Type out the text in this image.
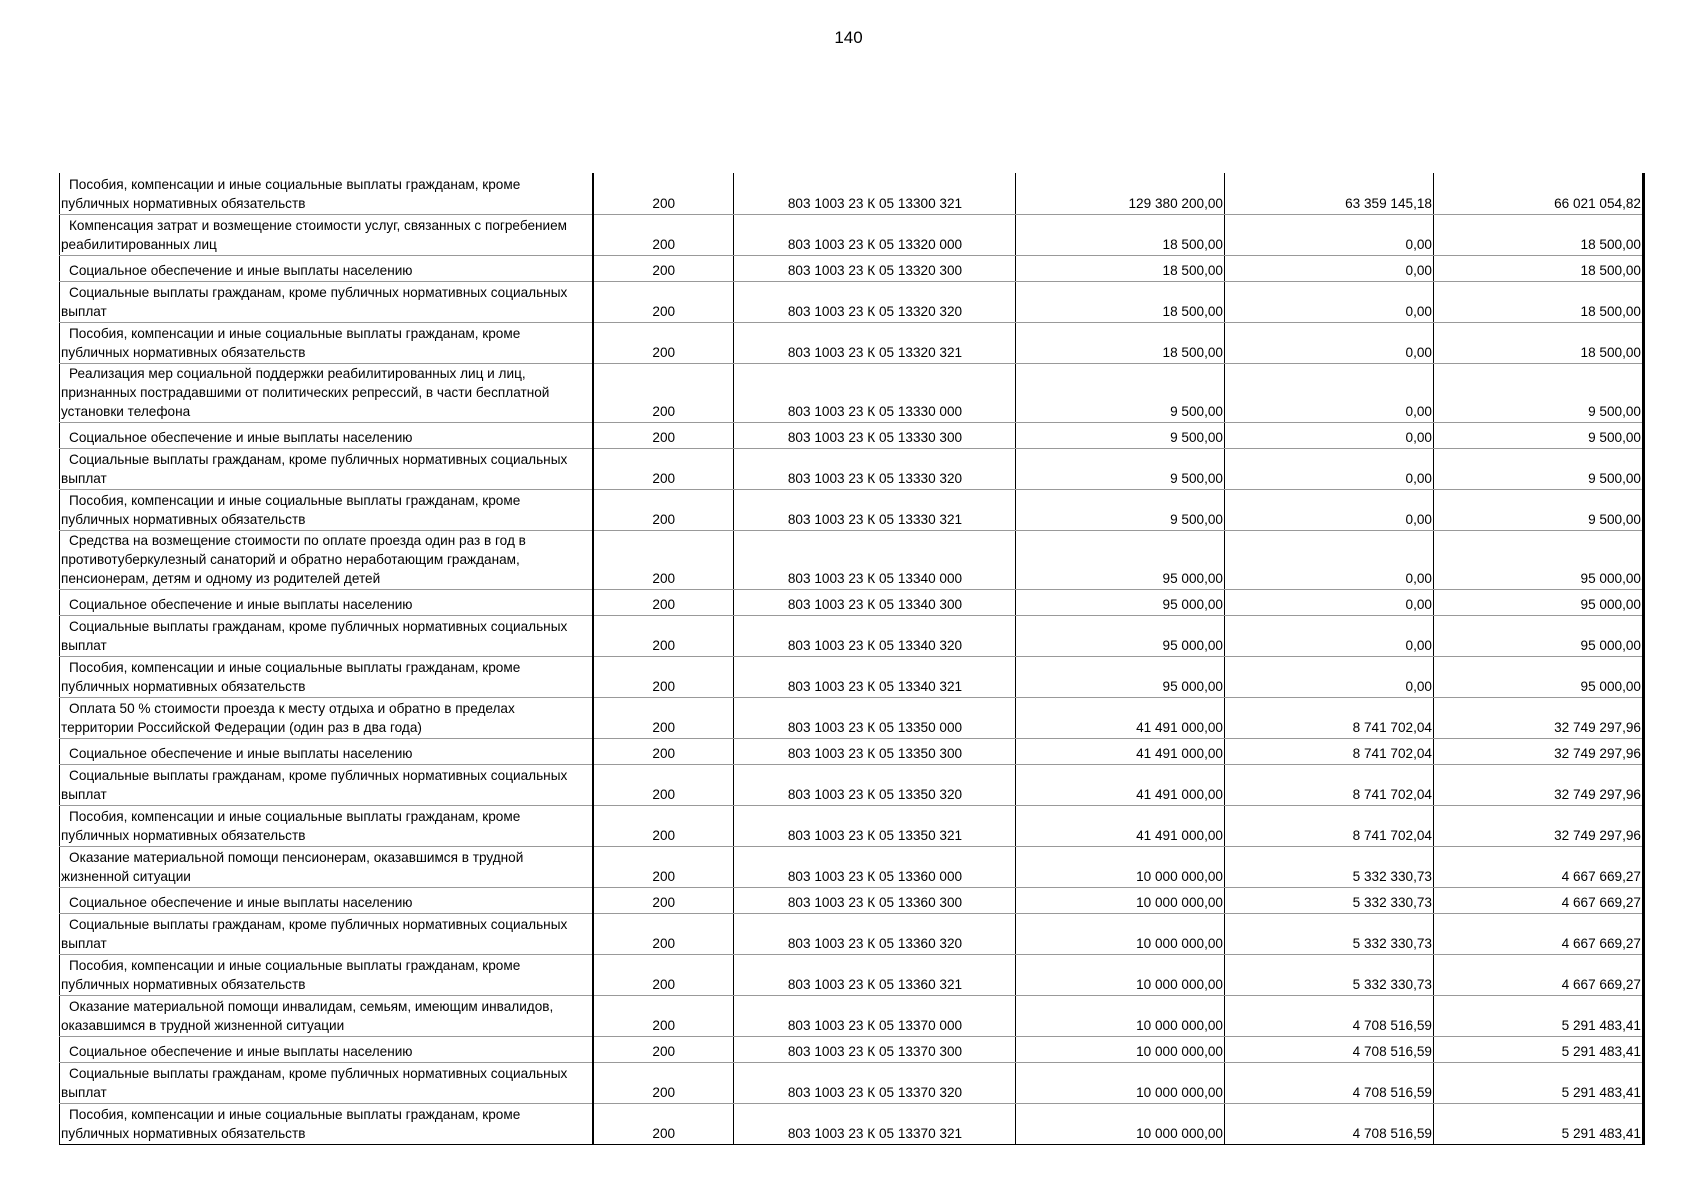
140
Пособия, компенсации и иные социальные выплаты гражданам, кроме публичных нормативных обязательств	200	803 1003 23 К 05 13300 321	129 380 200,00	63 359 145,18	66 021 054,82
Компенсация затрат и возмещение стоимости услуг, связанных с погребением реабилитированных лиц	200	803 1003 23 К 05 13320 000	18 500,00	0,00	18 500,00
Социальное обеспечение и иные выплаты населению	200	803 1003 23 К 05 13320 300	18 500,00	0,00	18 500,00
Социальные выплаты гражданам, кроме публичных нормативных социальных выплат	200	803 1003 23 К 05 13320 320	18 500,00	0,00	18 500,00
Пособия, компенсации и иные социальные выплаты гражданам, кроме публичных нормативных обязательств	200	803 1003 23 К 05 13320 321	18 500,00	0,00	18 500,00
Реализация мер социальной поддержки реабилитированных лиц и лиц, признанных пострадавшими от политических репрессий, в части бесплатной установки телефона	200	803 1003 23 К 05 13330 000	9 500,00	0,00	9 500,00
Социальное обеспечение и иные выплаты населению	200	803 1003 23 К 05 13330 300	9 500,00	0,00	9 500,00
Социальные выплаты гражданам, кроме публичных нормативных социальных выплат	200	803 1003 23 К 05 13330 320	9 500,00	0,00	9 500,00
Пособия, компенсации и иные социальные выплаты гражданам, кроме публичных нормативных обязательств	200	803 1003 23 К 05 13330 321	9 500,00	0,00	9 500,00
Средства на возмещение стоимости по оплате проезда один раз в год в противотуберкулезный санаторий и обратно неработающим гражданам, пенсионерам, детям и одному из родителей детей	200	803 1003 23 К 05 13340 000	95 000,00	0,00	95 000,00
Социальное обеспечение и иные выплаты населению	200	803 1003 23 К 05 13340 300	95 000,00	0,00	95 000,00
Социальные выплаты гражданам, кроме публичных нормативных социальных выплат	200	803 1003 23 К 05 13340 320	95 000,00	0,00	95 000,00
Пособия, компенсации и иные социальные выплаты гражданам, кроме публичных нормативных обязательств	200	803 1003 23 К 05 13340 321	95 000,00	0,00	95 000,00
Оплата 50 % стоимости проезда к месту отдыха и обратно в пределах территории Российской Федерации (один раз в два года)	200	803 1003 23 К 05 13350 000	41 491 000,00	8 741 702,04	32 749 297,96
Социальное обеспечение и иные выплаты населению	200	803 1003 23 К 05 13350 300	41 491 000,00	8 741 702,04	32 749 297,96
Социальные выплаты гражданам, кроме публичных нормативных социальных выплат	200	803 1003 23 К 05 13350 320	41 491 000,00	8 741 702,04	32 749 297,96
Пособия, компенсации и иные социальные выплаты гражданам, кроме публичных нормативных обязательств	200	803 1003 23 К 05 13350 321	41 491 000,00	8 741 702,04	32 749 297,96
Оказание материальной помощи пенсионерам, оказавшимся в трудной жизненной ситуации	200	803 1003 23 К 05 13360 000	10 000 000,00	5 332 330,73	4 667 669,27
Социальное обеспечение и иные выплаты населению	200	803 1003 23 К 05 13360 300	10 000 000,00	5 332 330,73	4 667 669,27
Социальные выплаты гражданам, кроме публичных нормативных социальных выплат	200	803 1003 23 К 05 13360 320	10 000 000,00	5 332 330,73	4 667 669,27
Пособия, компенсации и иные социальные выплаты гражданам, кроме публичных нормативных обязательств	200	803 1003 23 К 05 13360 321	10 000 000,00	5 332 330,73	4 667 669,27
Оказание материальной помощи инвалидам, семьям, имеющим инвалидов, оказавшимся в трудной жизненной ситуации	200	803 1003 23 К 05 13370 000	10 000 000,00	4 708 516,59	5 291 483,41
Социальное обеспечение и иные выплаты населению	200	803 1003 23 К 05 13370 300	10 000 000,00	4 708 516,59	5 291 483,41
Социальные выплаты гражданам, кроме публичных нормативных социальных выплат	200	803 1003 23 К 05 13370 320	10 000 000,00	4 708 516,59	5 291 483,41
Пособия, компенсации и иные социальные выплаты гражданам, кроме публичных нормативных обязательств	200	803 1003 23 К 05 13370 321	10 000 000,00	4 708 516,59	5 291 483,41
